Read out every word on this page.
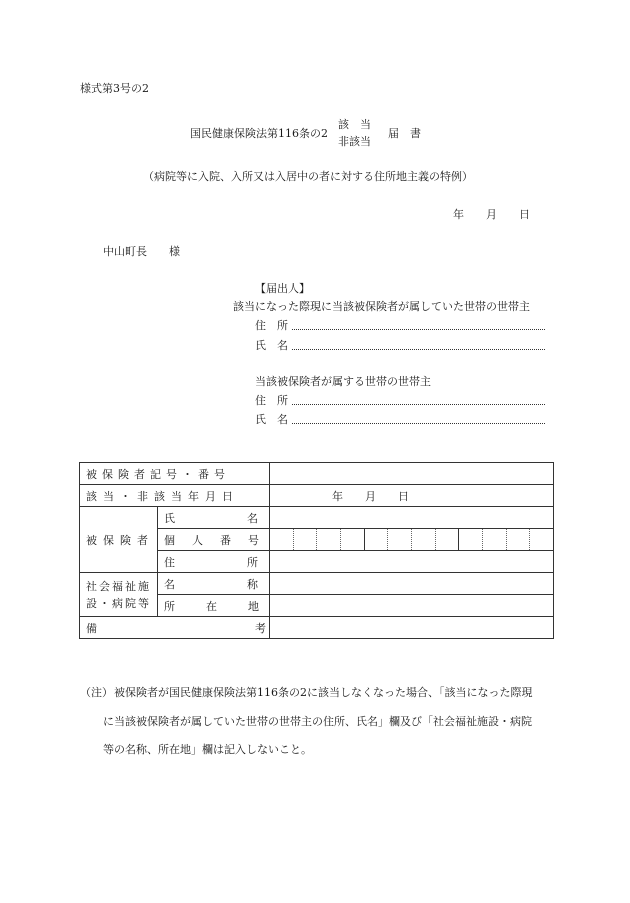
様式第3号の2
国民健康保険法第116条の2
該　当
非該当
届　書
（病院等に入院、入所又は入居中の者に対する住所地主義の特例）
年　　月　　日
中山町長　　様
【届出人】
該当になった際現に当該被保険者が属していた世帯の世帯主
住　所
氏　名
当該被保険者が属する世帯の世帯主
住　所
氏　名
被保険者記号・番号		

該当・非該当年月日		年　　月　　日
被保険者	氏名	

	個人番号	

	住所	

社会福祉施
設・病院等	名称	

	所在地	

備考		

（注） 被保険者が国民健康保険法第116条の2に該当しなくなった場合、「該当になった際現
に当該被保険者が属していた世帯の世帯主の住所、氏名」欄及び「社会福祉施設・病院
等の名称、所在地」欄は記入しないこと。
